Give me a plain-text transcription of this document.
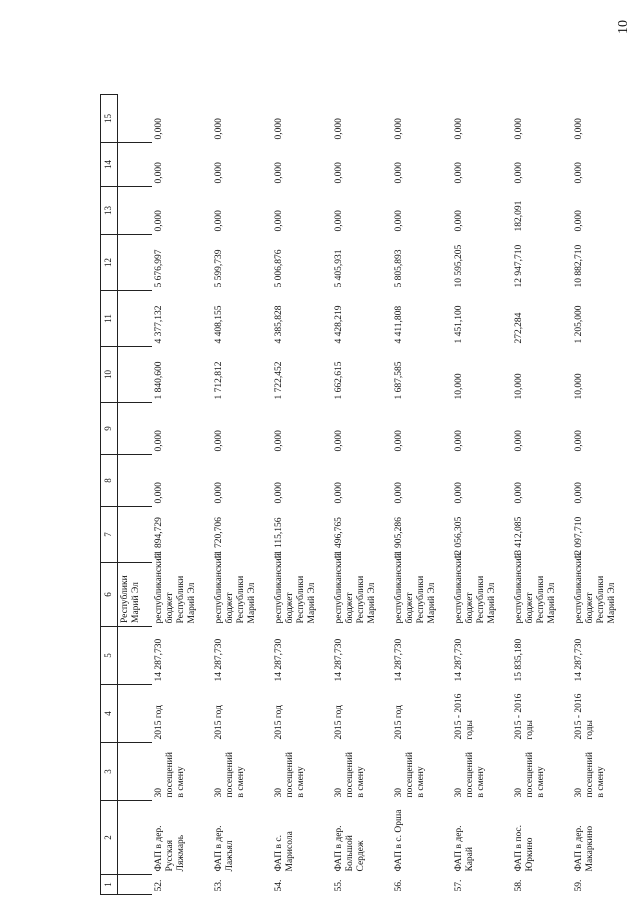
10
1	2	3	4	5	6	7	8	9	10	11	12	13	14	15
					Республики Марий Эл									
52.	ФАП в дер. Русская Ляжмарь	30 посещений в смену	2015 год	14 287,730	республиканский бюджет Республики Марий Эл	11 894,729	0,000	0,000	1 840,600	4 377,132	5 676,997	0,000	0,000	0,000
53.	ФАП в дер. Лажъял	30 посещений в смену	2015 год	14 287,730	республиканский бюджет Республики Марий Эл	11 720,706	0,000	0,000	1 712,812	4 408,155	5 599,739	0,000	0,000	0,000
54.	ФАП в с. Марисола	30 посещений в смену	2015 год	14 287,730	республиканский бюджет Республики Марий Эл	11 115,156	0,000	0,000	1 722,452	4 385,828	5 006,876	0,000	0,000	0,000
55.	ФАП в дер. Большой Сердеж	30 посещений в смену	2015 год	14 287,730	республиканский бюджет Республики Марий Эл	11 496,765	0,000	0,000	1 662,615	4 428,219	5 405,931	0,000	0,000	0,000
56.	ФАП в с. Орша	30 посещений в смену	2015 год	14 287,730	республиканский бюджет Республики Марий Эл	11 905,286	0,000	0,000	1 687,585	4 411,808	5 805,893	0,000	0,000	0,000
57.	ФАП в дер. Карай	30 посещений в смену	2015 - 2016 годы	14 287,730	республиканский бюджет Республики Марий Эл	12 056,305	0,000	0,000	10,000	1 451,100	10 595,205	0,000	0,000	0,000
58.	ФАП в пос. Юркино	30 посещений в смену	2015 - 2016 годы	15 835,180	республиканский бюджет Республики Марий Эл	13 412,085	0,000	0,000	10,000	272,284	12 947,710	182,091	0,000	0,000
59.	ФАП в дер. Макаркино	30 посещений в смену	2015 - 2016 годы	14 287,730	республиканский бюджет Республики Марий Эл	12 097,710	0,000	0,000	10,000	1 205,000	10 882,710	0,000	0,000	0,000
